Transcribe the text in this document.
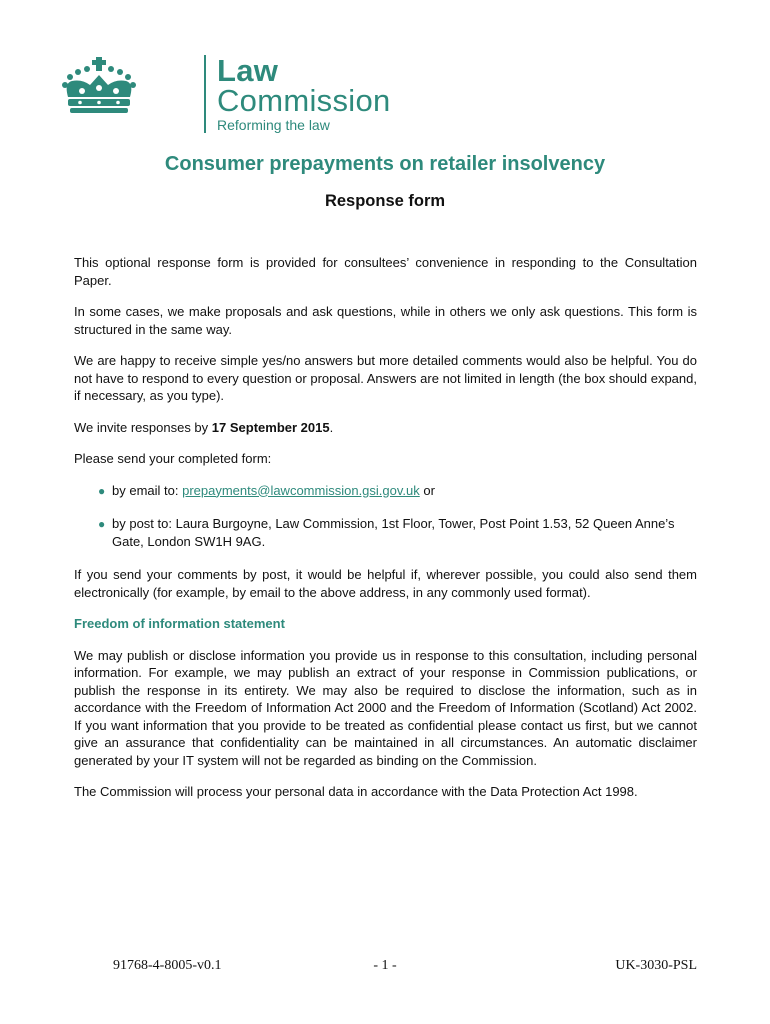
Law
Commission
Reforming the law
Consumer prepayments on retailer insolvency
Response form

This optional response form is provided for consultees’ convenience in responding to the Consultation Paper.

In some cases, we make proposals and ask questions, while in others we only ask questions. This form is structured in the same way.

We are happy to receive simple yes/no answers but more detailed comments would also be helpful. You do not have to respond to every question or proposal. Answers are not limited in length (the box should expand, if necessary, as you type).

We invite responses by 17 September 2015.

Please send your completed form:

● by email to: prepayments@lawcommission.gsi.gov.uk or
● by post to: Laura Burgoyne, Law Commission, 1st Floor, Tower, Post Point 1.53, 52 Queen Anne’s Gate, London SW1H 9AG.

If you send your comments by post, it would be helpful if, wherever possible, you could also send them electronically (for example, by email to the above address, in any commonly used format).

Freedom of information statement

We may publish or disclose information you provide us in response to this consultation, including personal information. For example, we may publish an extract of your response in Commission publications, or publish the response in its entirety. We may also be required to disclose the information, such as in accordance with the Freedom of Information Act 2000 and the Freedom of Information (Scotland) Act 2002. If you want information that you provide to be treated as confidential please contact us first, but we cannot give an assurance that confidentiality can be maintained in all circumstances. An automatic disclaimer generated by your IT system will not be regarded as binding on the Commission.

The Commission will process your personal data in accordance with the Data Protection Act 1998.

91768-4-8005-v0.1	- 1 -	UK-3030-PSL
